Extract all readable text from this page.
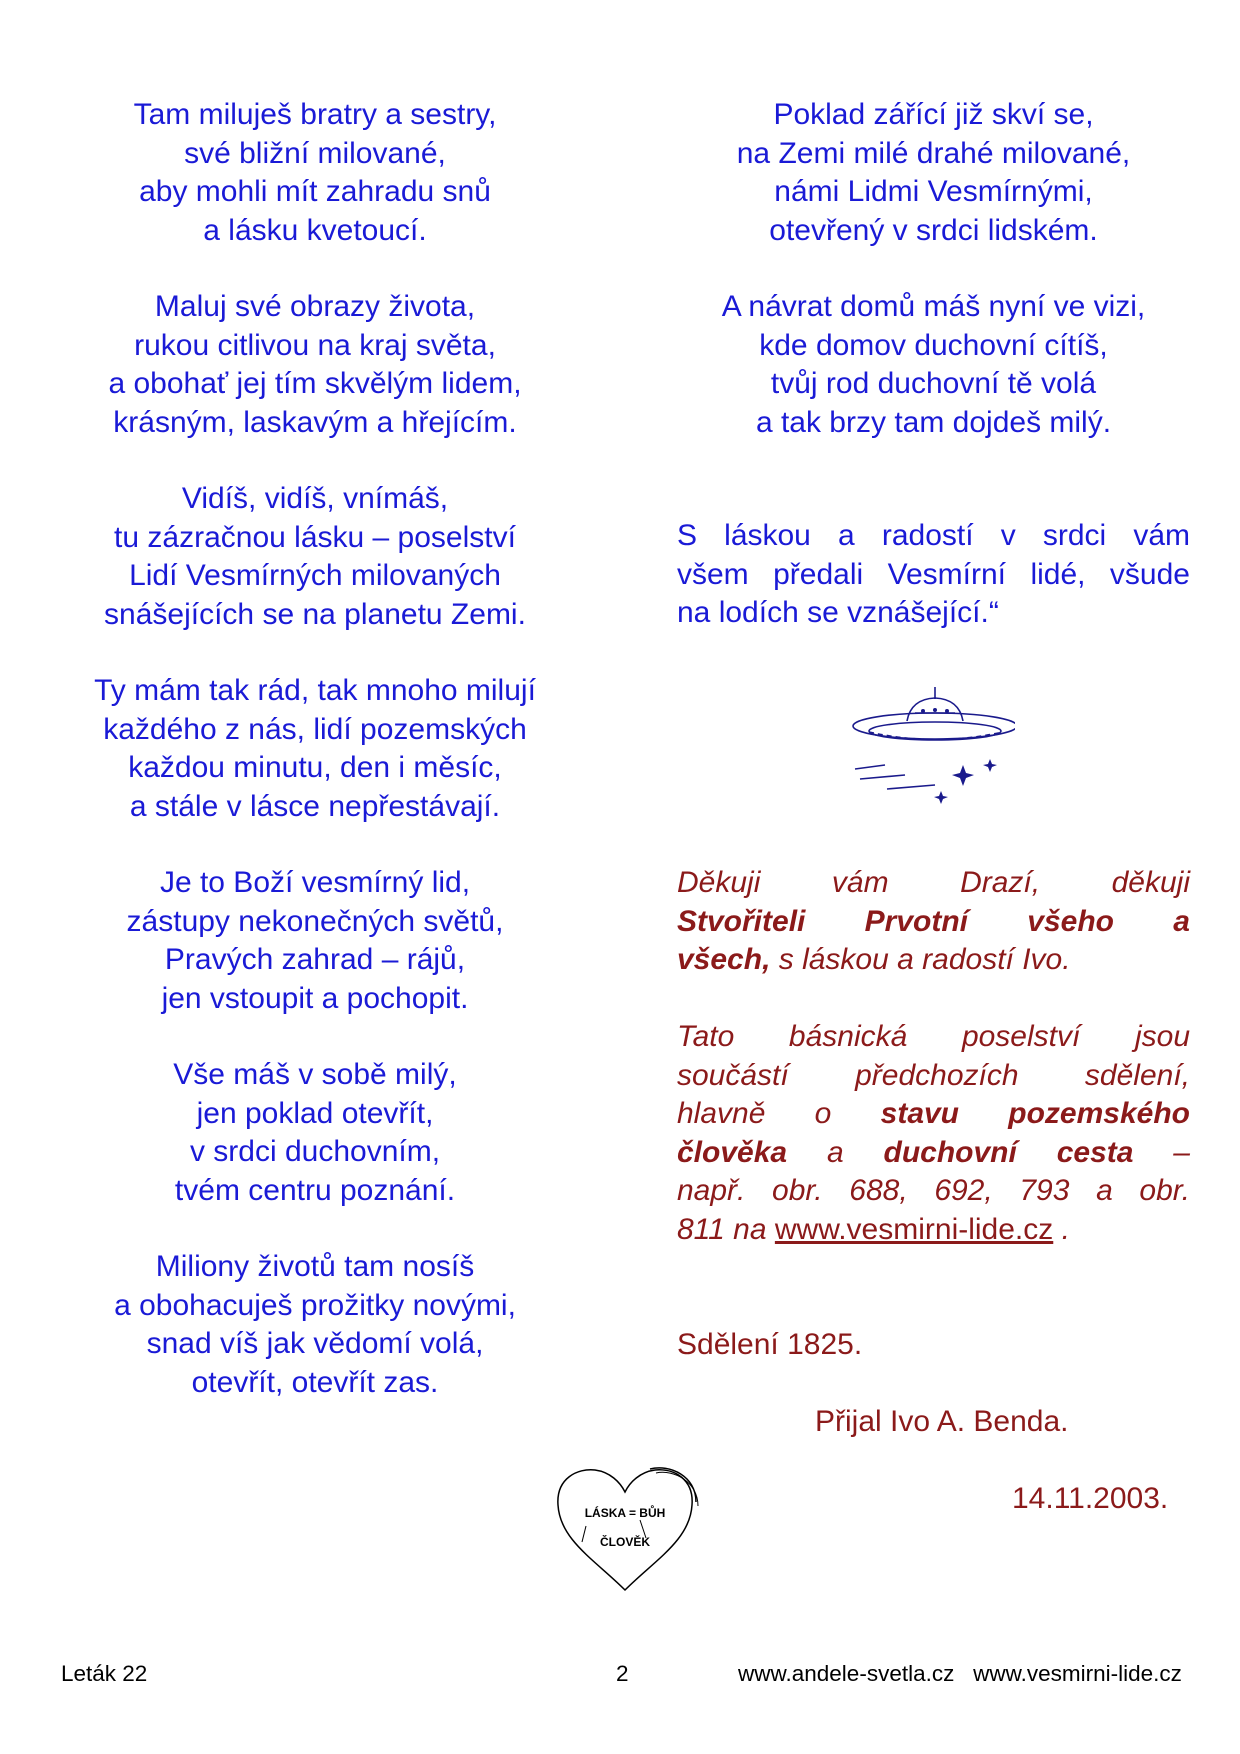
Tam miluješ bratry a sestry,
své bližní milované,
aby mohli mít zahradu snů
a lásku kvetoucí.
Maluj své obrazy života,
rukou citlivou na kraj světa,
a obohať jej tím skvělým lidem,
krásným, laskavým a hřejícím.
Vidíš, vidíš, vnímáš,
tu zázračnou lásku – poselství
Lidí Vesmírných milovaných
snášejících se na planetu Zemi.
Ty mám tak rád, tak mnoho milují
každého z nás, lidí pozemských
každou minutu, den i měsíc,
a stále v lásce nepřestávají.
Je to Boží vesmírný lid,
zástupy nekonečných světů,
Pravých zahrad – rájů,
jen vstoupit a pochopit.
Vše máš v sobě milý,
jen poklad otevřít,
v srdci duchovním,
tvém centru poznání.
Miliony životů tam nosíš
a obohacuješ prožitky novými,
snad víš jak vědomí volá,
otevřít, otevřít zas.
Poklad zářící již skví se,
na Zemi milé drahé milované,
námi Lidmi Vesmírnými,
otevřený v srdci lidském.
A návrat domů máš nyní ve vizi,
kde domov duchovní cítíš,
tvůj rod duchovní tě volá
a tak brzy tam dojdeš milý.
S láskou a radostí v srdci vám
všem předali Vesmírní lidé, všude
na lodích se vznášející.“
Děkuji vám Drazí, děkuji
Stvořiteli Prvotní všeho a
všech, s láskou a radostí Ivo.
Tato básnická poselství jsou
součástí předchozích sdělení,
hlavně o stavu pozemského
člověka a duchovní cesta –
např. obr. 688, 692, 793 a obr.
811 na www.vesmirni-lide.cz .
Sdělení 1825.
Přijal Ivo A. Benda.
LÁSKA = BŮH
ČLOVĚK
14.11.2003.
Leták 22	2	www.andele-svetla.cz www.vesmirni-lide.cz
